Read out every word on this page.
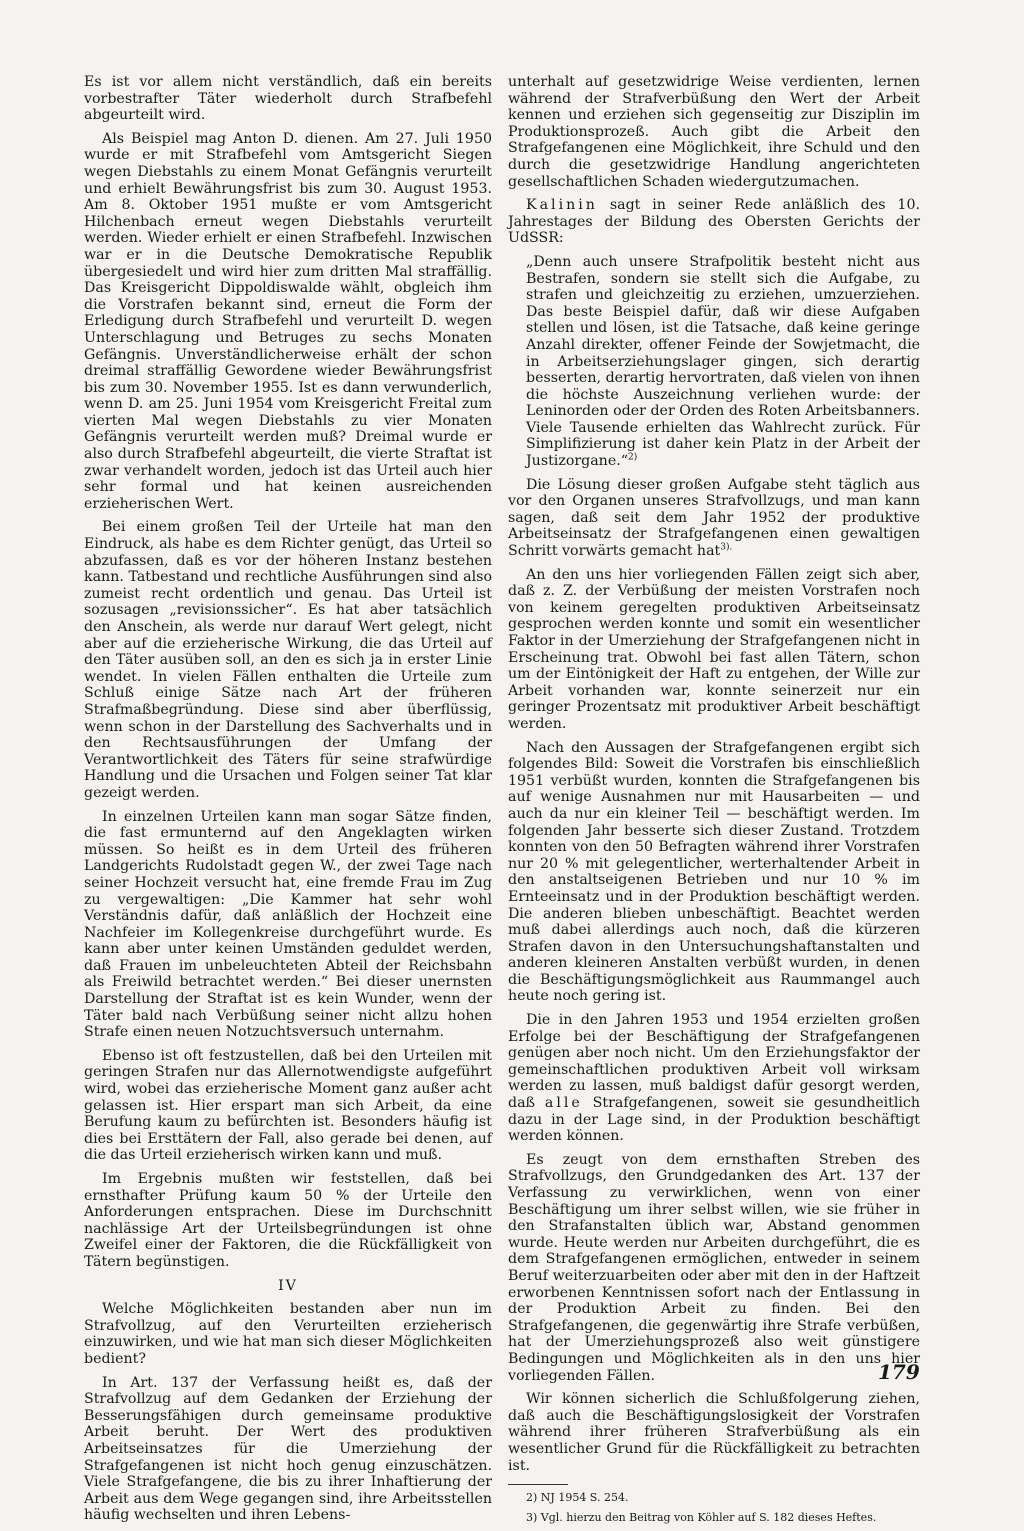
Es ist vor allem nicht verständlich, daß ein bereits vorbestrafter Täter wiederholt durch Strafbefehl abgeurteilt wird.

Als Beispiel mag Anton D. dienen. Am 27. Juli 1950 wurde er mit Strafbefehl vom Amtsgericht Siegen wegen Diebstahls zu einem Monat Gefängnis verurteilt und erhielt Bewährungsfrist bis zum 30. August 1953. Am 8. Oktober 1951 mußte er vom Amtsgericht Hilchenbach erneut wegen Diebstahls verurteilt werden. Wieder erhielt er einen Strafbefehl. Inzwischen war er in die Deutsche Demokratische Republik übergesiedelt und wird hier zum dritten Mal straffällig. Das Kreisgericht Dippoldiswalde wählt, obgleich ihm die Vorstrafen bekannt sind, erneut die Form der Erledigung durch Strafbefehl und verurteilt D. wegen Unterschlagung und Betruges zu sechs Monaten Gefängnis. Unverständlicherweise erhält der schon dreimal straffällig Gewordene wieder Bewährungsfrist bis zum 30. November 1955. Ist es dann verwunderlich, wenn D. am 25. Juni 1954 vom Kreisgericht Freital zum vierten Mal wegen Diebstahls zu vier Monaten Gefängnis verurteilt werden muß? Dreimal wurde er also durch Strafbefehl abgeurteilt, die vierte Straftat ist zwar verhandelt worden, jedoch ist das Urteil auch hier sehr formal und hat keinen ausreichenden erzieherischen Wert.

Bei einem großen Teil der Urteile hat man den Eindruck, als habe es dem Richter genügt, das Urteil so abzufassen, daß es vor der höheren Instanz bestehen kann. Tatbestand und rechtliche Ausführungen sind also zumeist recht ordentlich und genau. Das Urteil ist sozusagen „revisionssicher“. Es hat aber tatsächlich den Anschein, als werde nur darauf Wert gelegt, nicht aber auf die erzieherische Wirkung, die das Urteil auf den Täter ausüben soll, an den es sich ja in erster Linie wendet. In vielen Fällen enthalten die Urteile zum Schluß einige Sätze nach Art der früheren Strafmaßbegründung. Diese sind aber überflüssig, wenn schon in der Darstellung des Sachverhalts und in den Rechtsausführungen der Umfang der Verantwortlichkeit des Täters für seine strafwürdige Handlung und die Ursachen und Folgen seiner Tat klar gezeigt werden.

In einzelnen Urteilen kann man sogar Sätze finden, die fast ermunternd auf den Angeklagten wirken müssen. So heißt es in dem Urteil des früheren Landgerichts Rudolstadt gegen W., der zwei Tage nach seiner Hochzeit versucht hat, eine fremde Frau im Zug zu vergewaltigen: „Die Kammer hat sehr wohl Verständnis dafür, daß anläßlich der Hochzeit eine Nachfeier im Kollegenkreise durchgeführt wurde. Es kann aber unter keinen Umständen geduldet werden, daß Frauen im unbeleuchteten Abteil der Reichsbahn als Freiwild betrachtet werden.“ Bei dieser unernsten Darstellung der Straftat ist es kein Wunder, wenn der Täter bald nach Verbüßung seiner nicht allzu hohen Strafe einen neuen Notzuchtsversuch unternahm.

Ebenso ist oft festzustellen, daß bei den Urteilen mit geringen Strafen nur das Allernotwendigste aufgeführt wird, wobei das erzieherische Moment ganz außer acht gelassen ist. Hier erspart man sich Arbeit, da eine Berufung kaum zu befürchten ist. Besonders häufig ist dies bei Ersttätern der Fall, also gerade bei denen, auf die das Urteil erzieherisch wirken kann und muß.

Im Ergebnis mußten wir feststellen, daß bei ernsthafter Prüfung kaum 50 % der Urteile den Anforderungen entsprachen. Diese im Durchschnitt nachlässige Art der Urteilsbegründungen ist ohne Zweifel einer der Faktoren, die die Rückfälligkeit von Tätern begünstigen.

IV

Welche Möglichkeiten bestanden aber nun im Strafvollzug, auf den Verurteilten erzieherisch einzuwirken, und wie hat man sich dieser Möglichkeiten bedient?

In Art. 137 der Verfassung heißt es, daß der Strafvollzug auf dem Gedanken der Erziehung der Besserungsfähigen durch gemeinsame produktive Arbeit beruht. Der Wert des produktiven Arbeitseinsatzes für die Umerziehung der Strafgefangenen ist nicht hoch genug einzuschätzen. Viele Strafgefangene, die bis zu ihrer Inhaftierung der Arbeit aus dem Wege gegangen sind, ihre Arbeitsstellen häufig wechselten und ihren Lebens-

unterhalt auf gesetzwidrige Weise verdienten, lernen während der Strafverbüßung den Wert der Arbeit kennen und erziehen sich gegenseitig zur Disziplin im Produktionsprozeß. Auch gibt die Arbeit den Strafgefangenen eine Möglichkeit, ihre Schuld und den durch die gesetzwidrige Handlung angerichteten gesellschaftlichen Schaden wiedergutzumachen.

Kalinin sagt in seiner Rede anläßlich des 10. Jahrestages der Bildung des Obersten Gerichts der UdSSR:

„Denn auch unsere Strafpolitik besteht nicht aus Bestrafen, sondern sie stellt sich die Aufgabe, zu strafen und gleichzeitig zu erziehen, umzuerziehen. Das beste Beispiel dafür, daß wir diese Aufgaben stellen und lösen, ist die Tatsache, daß keine geringe Anzahl direkter, offener Feinde der Sowjetmacht, die in Arbeitserziehungslager gingen, sich derartig besserten, derartig hervortraten, daß vielen von ihnen die höchste Auszeichnung verliehen wurde: der Leninorden oder der Orden des Roten Arbeitsbanners. Viele Tausende erhielten das Wahlrecht zurück. Für Simplifizierung ist daher kein Platz in der Arbeit der Justizorgane.“$^{2)}$

Die Lösung dieser großen Aufgabe steht täglich aus vor den Organen unseres Strafvollzugs, und man kann sagen, daß seit dem Jahr 1952 der produktive Arbeitseinsatz der Strafgefangenen einen gewaltigen Schritt vorwärts gemacht hat$^{3).}$

An den uns hier vorliegenden Fällen zeigt sich aber, daß z. Z. der Verbüßung der meisten Vorstrafen noch von keinem geregelten produktiven Arbeitseinsatz gesprochen werden konnte und somit ein wesentlicher Faktor in der Umerziehung der Strafgefangenen nicht in Erscheinung trat. Obwohl bei fast allen Tätern, schon um der Eintönigkeit der Haft zu entgehen, der Wille zur Arbeit vorhanden war, konnte seinerzeit nur ein geringer Prozentsatz mit produktiver Arbeit beschäftigt werden.

Nach den Aussagen der Strafgefangenen ergibt sich folgendes Bild: Soweit die Vorstrafen bis einschließlich 1951 verbüßt wurden, konnten die Strafgefangenen bis auf wenige Ausnahmen nur mit Hausarbeiten — und auch da nur ein kleiner Teil — beschäftigt werden. Im folgenden Jahr besserte sich dieser Zustand. Trotzdem konnten von den 50 Befragten während ihrer Vorstrafen nur 20 % mit gelegentlicher, werterhaltender Arbeit in den anstaltseigenen Betrieben und nur 10 % im Ernteeinsatz und in der Produktion beschäftigt werden. Die anderen blieben unbeschäftigt. Beachtet werden muß dabei allerdings auch noch, daß die kürzeren Strafen davon in den Untersuchungshaftanstalten und anderen kleineren Anstalten verbüßt wurden, in denen die Beschäftigungsmöglichkeit aus Raummangel auch heute noch gering ist.

Die in den Jahren 1953 und 1954 erzielten großen Erfolge bei der Beschäftigung der Strafgefangenen genügen aber noch nicht. Um den Erziehungsfaktor der gemeinschaftlichen produktiven Arbeit voll wirksam werden zu lassen, muß baldigst dafür gesorgt werden, daß alle Strafgefangenen, soweit sie gesundheitlich dazu in der Lage sind, in der Produktion beschäftigt werden können.

Es zeugt von dem ernsthaften Streben des Strafvollzugs, den Grundgedanken des Art. 137 der Verfassung zu verwirklichen, wenn von einer Beschäftigung um ihrer selbst willen, wie sie früher in den Strafanstalten üblich war, Abstand genommen wurde. Heute werden nur Arbeiten durchgeführt, die es dem Strafgefangenen ermöglichen, entweder in seinem Beruf weiterzuarbeiten oder aber mit den in der Haftzeit erworbenen Kenntnissen sofort nach der Entlassung in der Produktion Arbeit zu finden. Bei den Strafgefangenen, die gegenwärtig ihre Strafe verbüßen, hat der Umerziehungsprozeß also weit günstigere Bedingungen und Möglichkeiten als in den uns hier vorliegenden Fällen.

Wir können sicherlich die Schlußfolgerung ziehen, daß auch die Beschäftigungslosigkeit der Vorstrafen während ihrer früheren Strafverbüßung als ein wesentlicher Grund für die Rückfälligkeit zu betrachten ist.

2) NJ 1954 S. 254.

3) Vgl. hierzu den Beitrag von Köhler auf S. 182 dieses Heftes.

179
